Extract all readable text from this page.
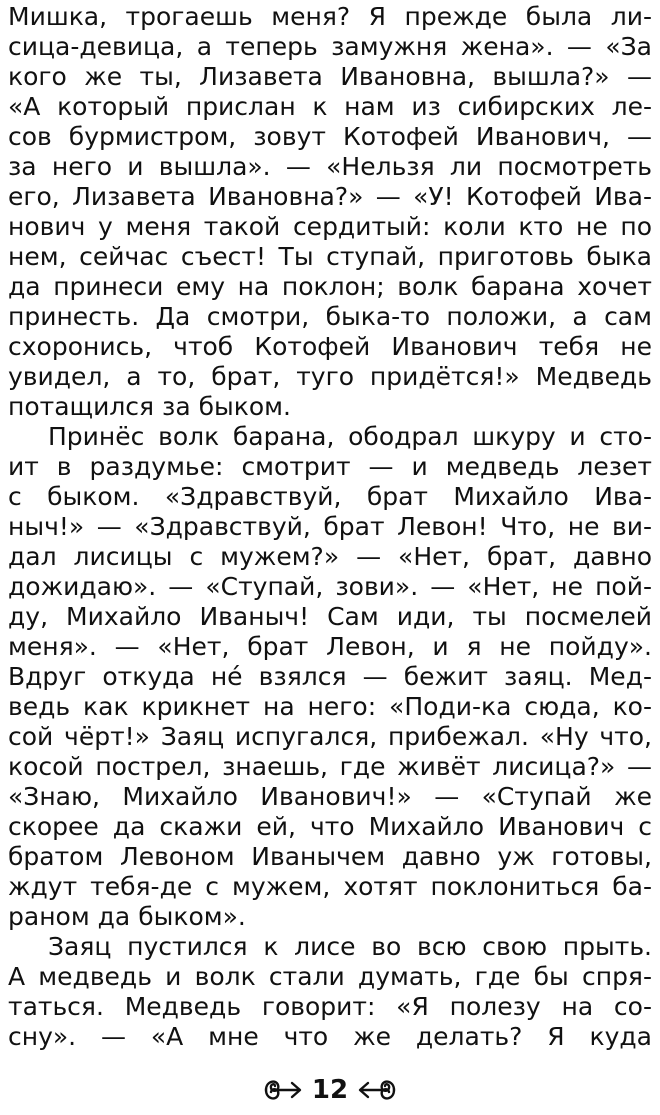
Мишка, трогаешь меня? Я прежде была ли-
сица-девица, а теперь замужня жена». — «За
кого же ты, Лизавета Ивановна, вышла?» —
«А который прислан к нам из сибирских ле-
сов бурмистром, зовут Котофей Иванович, —
за него и вышла». — «Нельзя ли посмотреть
его, Лизавета Ивановна?» — «У! Котофей Ива-
нович у меня такой сердитый: коли кто не по
нем, сейчас съест! Ты ступай, приготовь быка
да принеси ему на поклон; волк барана хочет
принесть. Да смотри, быка-то положи, а сам
схоронись, чтоб Котофей Иванович тебя не
увидел, а то, брат, туго придётся!» Медведь
потащился за быком.
Принёс волк барана, ободрал шкуру и сто-
ит в раздумье: смотрит — и медведь лезет
с быком. «Здравствуй, брат Михайло Ива-
ныч!» — «Здравствуй, брат Левон! Что, не ви-
дал лисицы с мужем?» — «Нет, брат, давно
дожидаю». — «Ступай, зови». — «Нет, не пой-
ду, Михайло Иваныч! Сам иди, ты посмелей
меня». — «Нет, брат Левон, и я не пойду».
Вдруг откуда нé взялся — бежит заяц. Мед-
ведь как крикнет на него: «Поди-ка сюда, ко-
сой чёрт!» Заяц испугался, прибежал. «Ну что,
косой пострел, знаешь, где живёт лисица?» —
«Знаю, Михайло Иванович!» — «Ступай же
скорее да скажи ей, что Михайло Иванович с
братом Левоном Иванычем давно уж готовы,
ждут тебя-де с мужем, хотят поклониться ба-
раном да быком».
Заяц пустился к лисе во всю свою прыть.
А медведь и волк стали думать, где бы спря-
таться. Медведь говорит: «Я полезу на со-
сну». — «А мне что же делать? Я куда
12
